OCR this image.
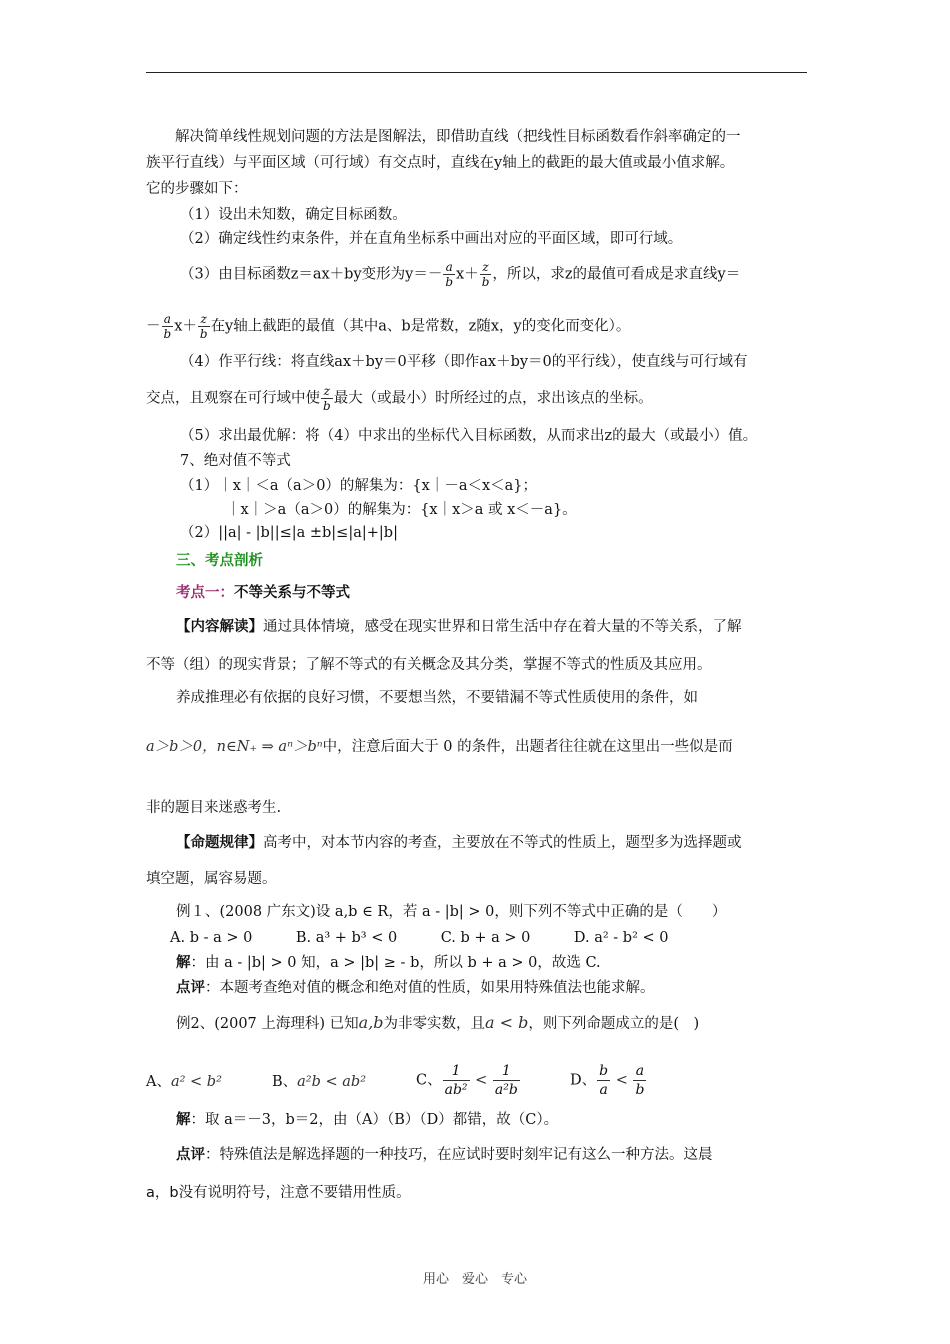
解决简单线性规划问题的方法是图解法，即借助直线（把线性目标函数看作斜率确定的一
族平行直线）与平面区域（可行域）有交点时，直线在y轴上的截距的最大值或最小值求解。
它的步骤如下：
（1）设出未知数，确定目标函数。
（2）确定线性约束条件，并在直角坐标系中画出对应的平面区域，即可行域。
（3）由目标函数z＝ax＋by变形为$y=- \frac{a}{b} x+ \frac{z}{b}$ ，所以，求z的最值可看成是求直线y＝
－ $\frac{a}{b} x+ \frac{z}{b}$ 在y轴上截距的最值（其中a、b是常数，z随x，y的变化而变化）。
（4）作平行线：将直线ax＋by＝0平移（即作ax＋by＝0的平行线），使直线与可行域有
交点，且观察在可行域中使 $\frac{z}{b}$ 最大（或最小）时所经过的点，求出该点的坐标。
（5）求出最优解：将（4）中求出的坐标代入目标函数，从而求出z的最大（或最小）值。
7、绝对值不等式
（1）｜x｜＜a（a＞0）的解集为：{x｜－a＜x＜a}；
｜x｜＞a（a＞0）的解集为：{x｜x＞a 或 x＜－a}。
（2）||a| - |b||≤|a ±b|≤|a|+|b|
三、考点剖析
考点一：不等关系与不等式
【内容解读】通过具体情境，感受在现实世界和日常生活中存在着大量的不等关系，了解
不等（组）的现实背景；了解不等式的有关概念及其分类，掌握不等式的性质及其应用。
养成推理必有依据的良好习惯，不要想当然，不要错漏不等式性质使用的条件，如
a＞b＞0，n∈N₊ ⇒ aⁿ＞bⁿ中，注意后面大于 0 的条件，出题者往往就在这里出一些似是而
非的题目来迷惑考生.
【命题规律】高考中，对本节内容的考查，主要放在不等式的性质上，题型多为选择题或
填空题，属容易题。
例１、(2008 广东文)设 a,b ∈ R，若 a - |b| > 0，则下列不等式中正确的是（　　）
A. b - a > 0　　　B. a³ + b³ < 0　　　C. b + a > 0　　　D. a² - b² < 0
解：由 a - |b| > 0 知，a > |b| ≥ - b，所以 b + a > 0，故选 C.
点评：本题考查绝对值的概念和绝对值的性质，如果用特殊值法也能求解。
例2、(2007 上海理科) 已知a,b为非零实数，且a < b，则下列命题成立的是(　)
A、a² < b²	B、a²b < ab²	C、 $\frac{1}{\text{ab²}} < \frac{1}{\text{a²b}}$	D、 $\frac{b}{a} < \frac{a}{b}$
解：取 a＝－3，b＝2，由（A）（B）（D）都错，故（C）。
点评：特殊值法是解选择题的一种技巧，在应试时要时刻牢记有这么一种方法。这晨
a，b没有说明符号，注意不要错用性质。
用心　爱心　专心
